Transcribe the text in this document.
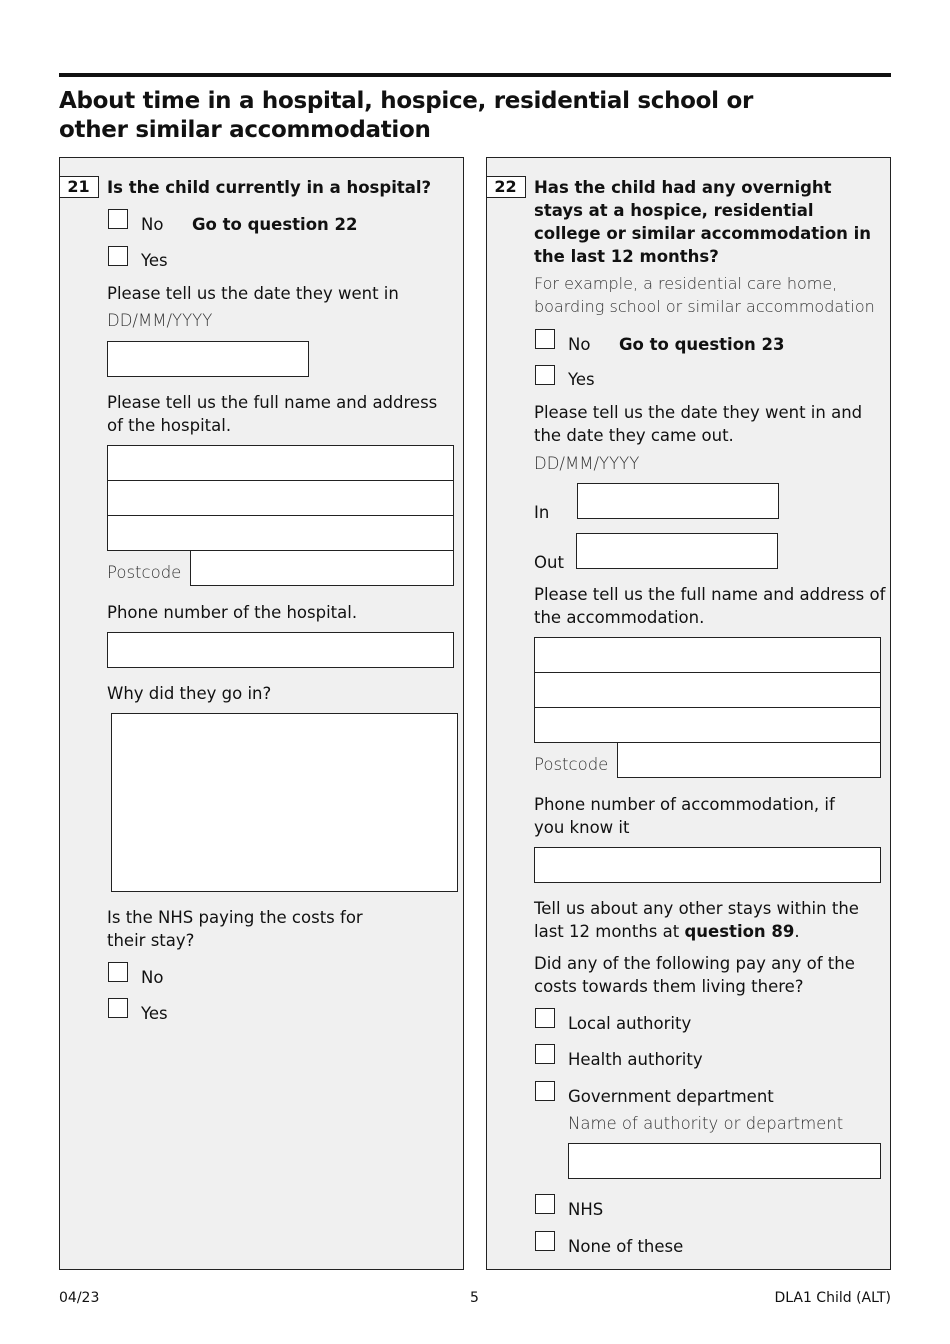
About time in a hospital, hospice, residential school or other similar accommodation
21	Is the child currently in a hospital?
No Go to question 22
Yes
Please tell us the date they went in
DD/MM/YYYY
Please tell us the full name and address of the hospital.
Postcode
Phone number of the hospital.
Why did they go in?
Is the NHS paying the costs for their stay?
No
Yes
22	Has the child had any overnight stays at a hospice, residential college or similar accommodation in the last 12 months?
For example, a residential care home, boarding school or similar accommodation
No Go to question 23
Yes
Please tell us the date they went in and the date they came out.
DD/MM/YYYY
In
Out
Please tell us the full name and address of the accommodation.
Postcode
Phone number of accommodation, if you know it
Tell us about any other stays within the last 12 months at question 89.
Did any of the following pay any of the costs towards them living there?
Local authority
Health authority
Government department
Name of authority or department
NHS
None of these
04/23	5	DLA1 Child (ALT)
